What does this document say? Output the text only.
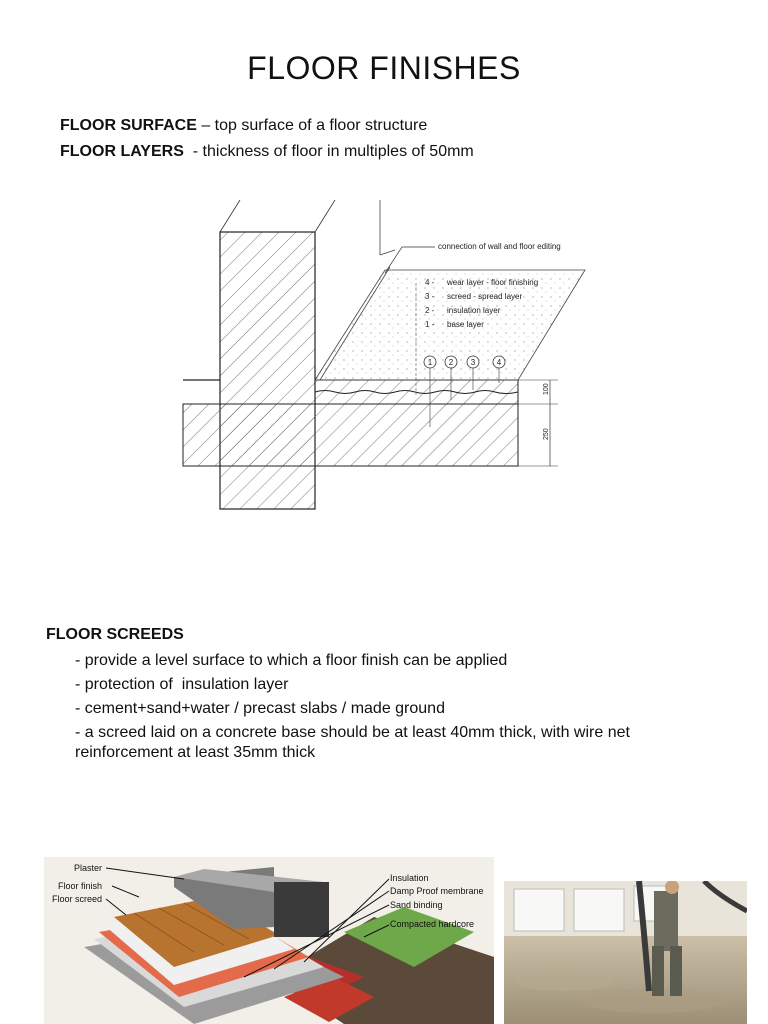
FLOOR FINISHES
FLOOR SURFACE – top surface of a floor structure
FLOOR LAYERS  - thickness of floor in multiples of 50mm
connection of wall and floor editing
4 - wear layer - floor finishing
3 - screed - spread layer
2 - insulation layer
1 - base layer
1 2 3	4
100
250
FLOOR SCREEDS
- provide a level surface to which a floor finish can be applied
- protection of  insulation layer
- cement+sand+water / precast slabs / made ground
- a screed laid on a concrete base should be at least 40mm thick, with wire net reinforcement at least 35mm thick
Plaster
Floor finish
Floor screed
Insulation
Damp Proof membrane
Sand binding
Compacted hardcore
